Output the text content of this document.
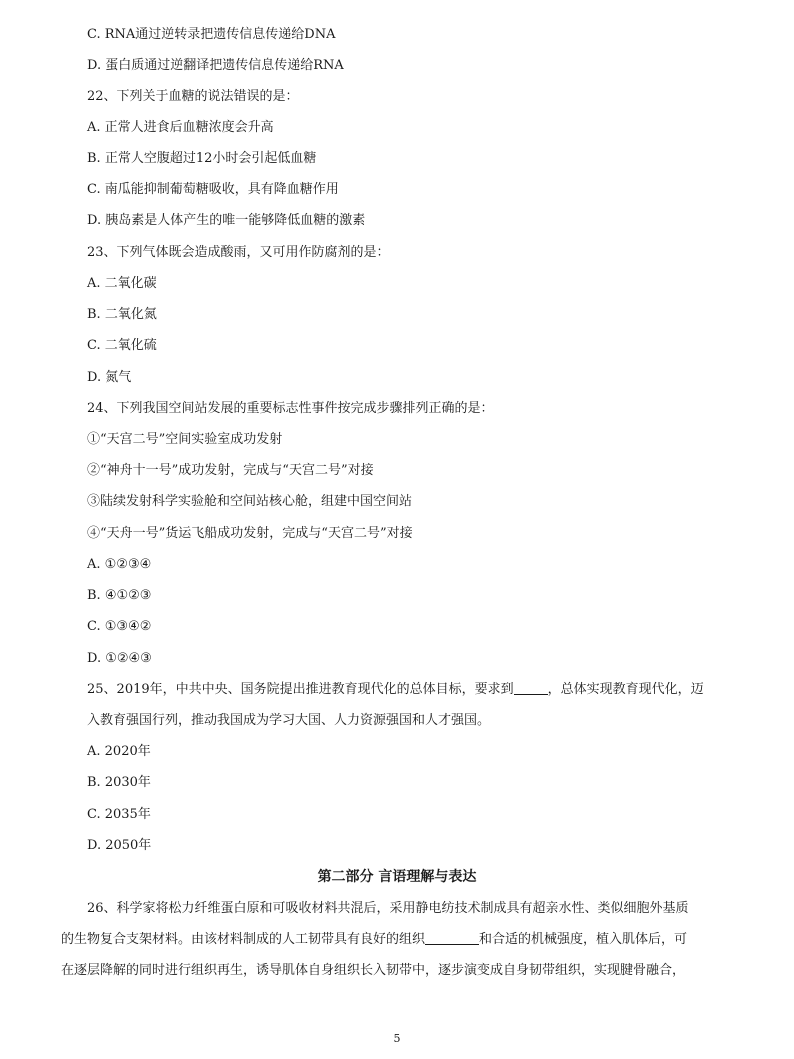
C. RNA通过逆转录把遗传信息传递给DNA
D. 蛋白质通过逆翻译把遗传信息传递给RNA
22、下列关于血糖的说法错误的是：
A. 正常人进食后血糖浓度会升高
B. 正常人空腹超过12小时会引起低血糖
C. 南瓜能抑制葡萄糖吸收，具有降血糖作用
D. 胰岛素是人体产生的唯一能够降低血糖的激素
23、下列气体既会造成酸雨，又可用作防腐剂的是：
A. 二氧化碳
B. 二氧化氮
C. 二氧化硫
D. 氮气
24、下列我国空间站发展的重要标志性事件按完成步骤排列正确的是：
①“天宫二号”空间实验室成功发射
②“神舟十一号”成功发射，完成与“天宫二号”对接
③陆续发射科学实验舱和空间站核心舱，组建中国空间站
④“天舟一号”货运飞船成功发射，完成与“天宫二号”对接
A. ①②③④
B. ④①②③
C. ①③④②
D. ①②④③
25、2019年，中共中央、国务院提出推进教育现代化的总体目标，要求到	，总体实现教育现代化，迈
入教育强国行列，推动我国成为学习大国、人力资源强国和人才强国。
A. 2020年
B. 2030年
C. 2035年
D. 2050年
第二部分 言语理解与表达
26、科学家将松力纤维蛋白原和可吸收材料共混后，采用静电纺技术制成具有超亲水性、类似细胞外基质
的生物复合支架材料。由该材料制成的人工韧带具有良好的组织	和合适的机械强度，植入肌体后，可
在逐层降解的同时进行组织再生，诱导肌体自身组织长入韧带中，逐步演变成自身韧带组织，实现腱骨融合，
5
